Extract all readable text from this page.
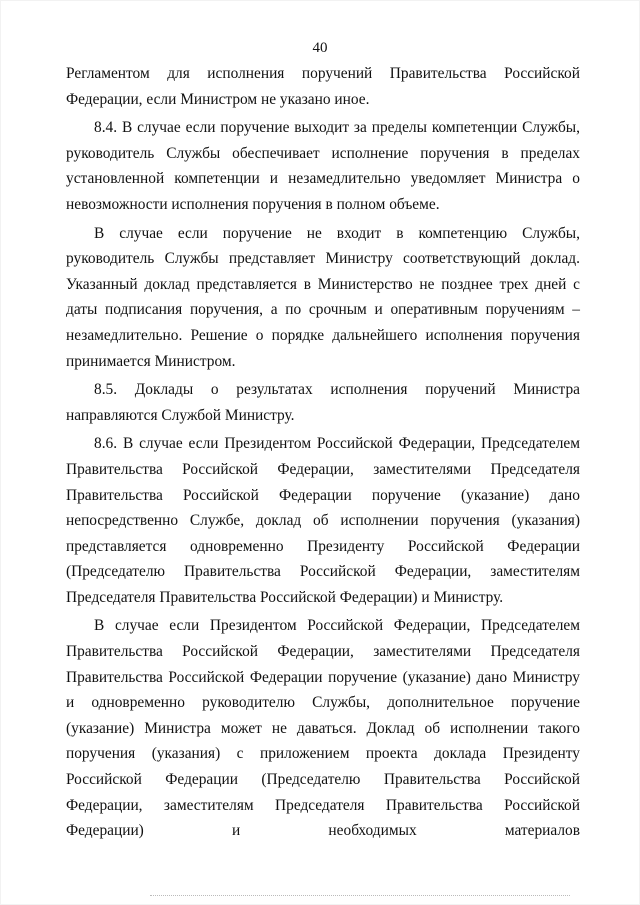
40

Регламентом для исполнения поручений Правительства Российской Федерации, если Министром не указано иное.

8.4. В случае если поручение выходит за пределы компетенции Службы, руководитель Службы обеспечивает исполнение поручения в пределах установленной компетенции и незамедлительно уведомляет Министра о невозможности исполнения поручения в полном объеме.

В случае если поручение не входит в компетенцию Службы, руководитель Службы представляет Министру соответствующий доклад. Указанный доклад представляется в Министерство не позднее трех дней с даты подписания поручения, а по срочным и оперативным поручениям – незамедлительно. Решение о порядке дальнейшего исполнения поручения принимается Министром.

8.5. Доклады о результатах исполнения поручений Министра направляются Службой Министру.

8.6. В случае если Президентом Российской Федерации, Председателем Правительства Российской Федерации, заместителями Председателя Правительства Российской Федерации поручение (указание) дано непосредственно Службе, доклад об исполнении поручения (указания) представляется одновременно Президенту Российской Федерации (Председателю Правительства Российской Федерации, заместителям Председателя Правительства Российской Федерации) и Министру.

В случае если Президентом Российской Федерации, Председателем Правительства Российской Федерации, заместителями Председателя Правительства Российской Федерации поручение (указание) дано Министру и одновременно руководителю Службы, дополнительное поручение (указание) Министра может не даваться. Доклад об исполнении такого поручения (указания) с приложением проекта доклада Президенту Российской Федерации (Председателю Правительства Российской Федерации, заместителям Председателя Правительства Российской Федерации) и необходимых материалов
